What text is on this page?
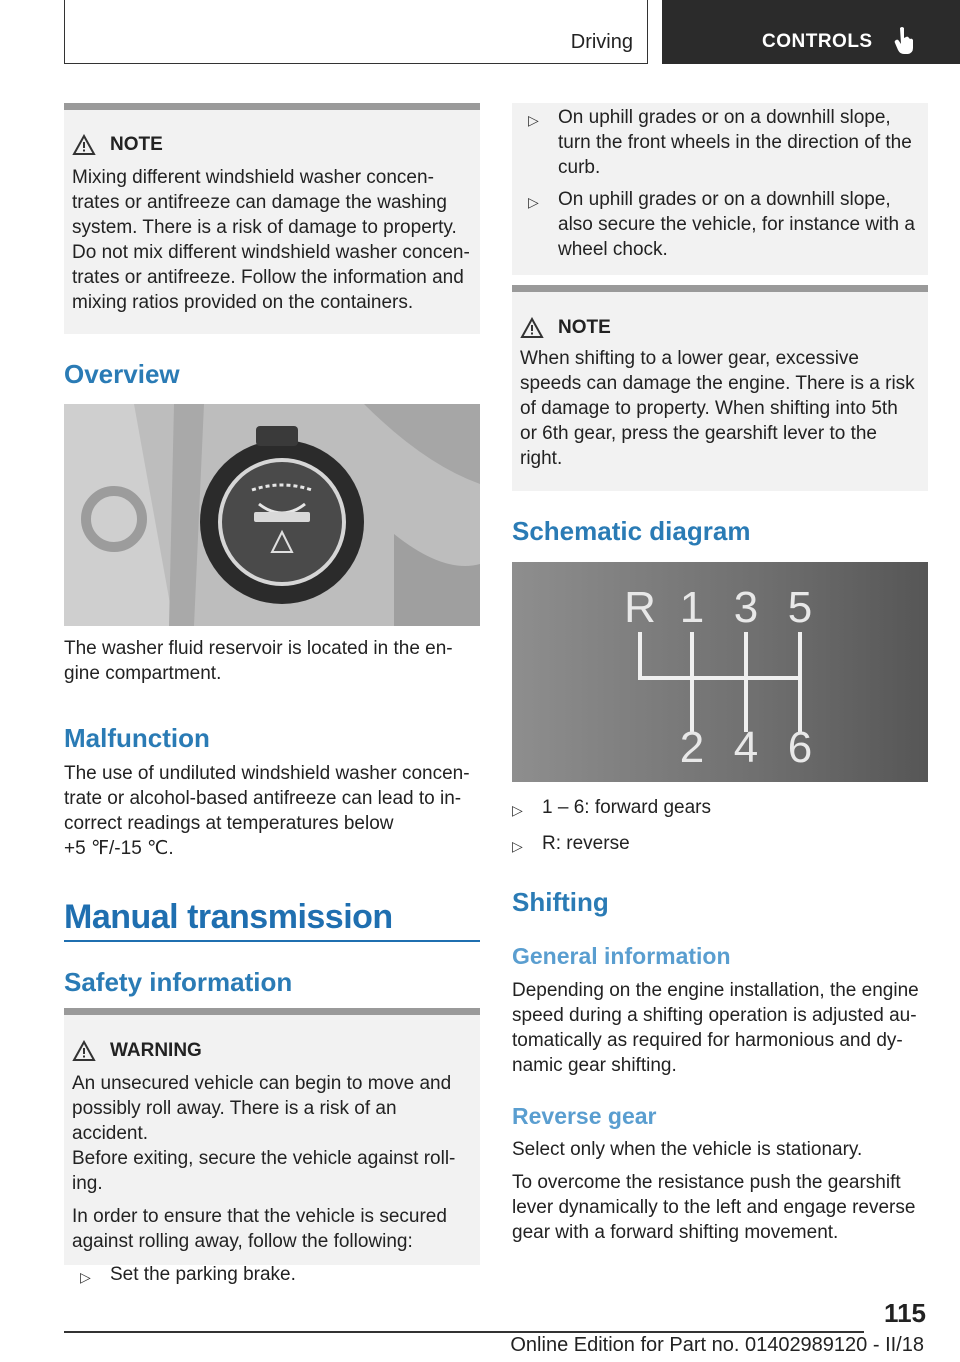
Driving	CONTROLS
NOTE
Mixing different windshield washer concen-
trates or antifreeze can damage the washing
system. There is a risk of damage to property.
Do not mix different windshield washer concen-
trates or antifreeze. Follow the information and
mixing ratios provided on the containers.
Overview
The washer fluid reservoir is located in the en-
gine compartment.
Malfunction
The use of undiluted windshield washer concen-
trate or alcohol-based antifreeze can lead to in-
correct readings at temperatures below
+5 ℉/-15 ℃.
Manual transmission
Safety information
WARNING
An unsecured vehicle can begin to move and
possibly roll away. There is a risk of an accident.
Before exiting, secure the vehicle against roll-
ing.
In order to ensure that the vehicle is secured
against rolling away, follow the following:
▷ Set the parking brake.
▷ On uphill grades or on a downhill slope,
turn the front wheels in the direction of the
curb.
▷ On uphill grades or on a downhill slope,
also secure the vehicle, for instance with a
wheel chock.
NOTE
When shifting to a lower gear, excessive
speeds can damage the engine. There is a risk
of damage to property. When shifting into 5th
or 6th gear, press the gearshift lever to the
right.
Schematic diagram
R 1 3 5
2 4 6
▷ 1 – 6: forward gears
▷ R: reverse
Shifting
General information
Depending on the engine installation, the engine
speed during a shifting operation is adjusted au-
tomatically as required for harmonious and dy-
namic gear shifting.
Reverse gear
Select only when the vehicle is stationary.
To overcome the resistance push the gearshift
lever dynamically to the left and engage reverse
gear with a forward shifting movement.
115
Online Edition for Part no. 01402989120 - II/18
